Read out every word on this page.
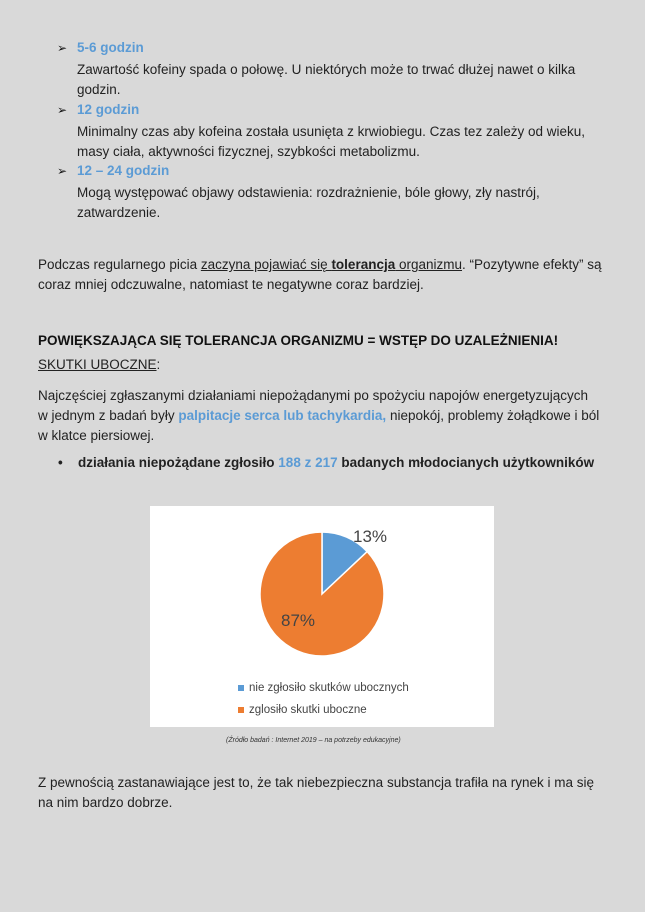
➢ 5-6 godzin
Zawartość kofeiny spada o połowę. U niektórych może to trwać dłużej nawet o kilka
godzin.
➢ 12 godzin
Minimalny czas aby kofeina została usunięta z krwiobiegu. Czas tez zależy od wieku,
masy ciała, aktywności fizycznej, szybkości metabolizmu.
➢ 12 – 24 godzin
Mogą występować objawy odstawienia: rozdrażnienie, bóle głowy, zły nastrój,
zatwardzenie.
Podczas regularnego picia zaczyna pojawiać się tolerancja organizmu. “Pozytywne efekty” są
coraz mniej odczuwalne, natomiast te negatywne coraz bardziej.
POWIĘKSZAJĄCA SIĘ TOLERANCJA ORGANIZMU = WSTĘP DO UZALEŻNIENIA!
SKUTKI UBOCZNE:
Najczęściej zgłaszanymi działaniami niepożądanymi po spożyciu napojów energetyzujących
w jednym z badań były palpitacje serca lub tachykardia, niepokój, problemy żołądkowe i ból
w klatce piersiowej.
• działania niepożądane zgłosiło 188 z 217 badanych młodocianych użytkowników
13%
87%
nie zgłosiło skutków ubocznych
zglosiło skutki uboczne
(Źródło badań : Internet 2019 – na potrzeby edukacyjne)
Z pewnością zastanawiające jest to, że tak niebezpieczna substancja trafiła na rynek i ma się
na nim bardzo dobrze.
